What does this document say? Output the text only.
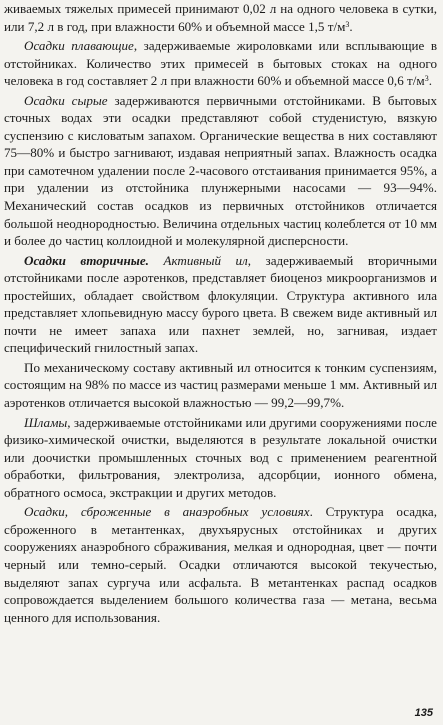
живаемых тяжелых примесей принимают 0,02 л на одного человека в сутки, или 7,2 л в год, при влажности 60% и объемной массе 1,5 $т/м^3$.

Осадки плавающие, задерживаемые жироловками или всплывающие в отстойниках. Количество этих примесей в бытовых стоках на одного человека в год составляет 2 л при влажности 60% и объемной массе 0,6 $т/м^3$.

Осадки сырые задерживаются первичными отстойниками. В бытовых сточных водах эти осадки представляют собой студенистую, вязкую суспензию с кисловатым запахом. Органические вещества в них составляют 75—80% и быстро загнивают, издавая неприятный запах. Влажность осадка при самотечном удалении после 2-часового отстаивания принимается 95%, а при удалении из отстойника плунжерными насосами — 93—94%. Механический состав осадков из первичных отстойников отличается большой неоднородностью. Величина отдельных частиц колеблется от 10 мм и более до частиц коллоидной и молекулярной дисперсности.

Осадки вторичные. Активный ил, задерживаемый вторичными отстойниками после аэротенков, представляет биоценоз микроорганизмов и простейших, обладает свойством флокуляции. Структура активного ила представляет хлопьевидную массу бурого цвета. В свежем виде активный ил почти не имеет запаха или пахнет землей, но, загнивая, издает специфический гнилостный запах.

По механическому составу активный ил относится к тонким суспензиям, состоящим на 98% по массе из частиц размерами меньше 1 мм. Активный ил аэротенков отличается высокой влажностью — 99,2—99,7%.

Шламы, задерживаемые отстойниками или другими сооружениями после физико-химической очистки, выделяются в результате локальной очистки или доочистки промышленных сточных вод с применением реагентной обработки, фильтрования, электролиза, адсорбции, ионного обмена, обратного осмоса, экстракции и других методов.

Осадки, сброженные в анаэробных условиях. Структура осадка, сброженного в метантенках, двухъярусных отстойниках и других сооружениях анаэробного сбраживания, мелкая и однородная, цвет — почти черный или темно-серый. Осадки отличаются высокой текучестью, выделяют запах сургуча или асфальта. В метантенках распад осадков сопровождается выделением большого количества газа — метана, весьма ценного для использования.

135
